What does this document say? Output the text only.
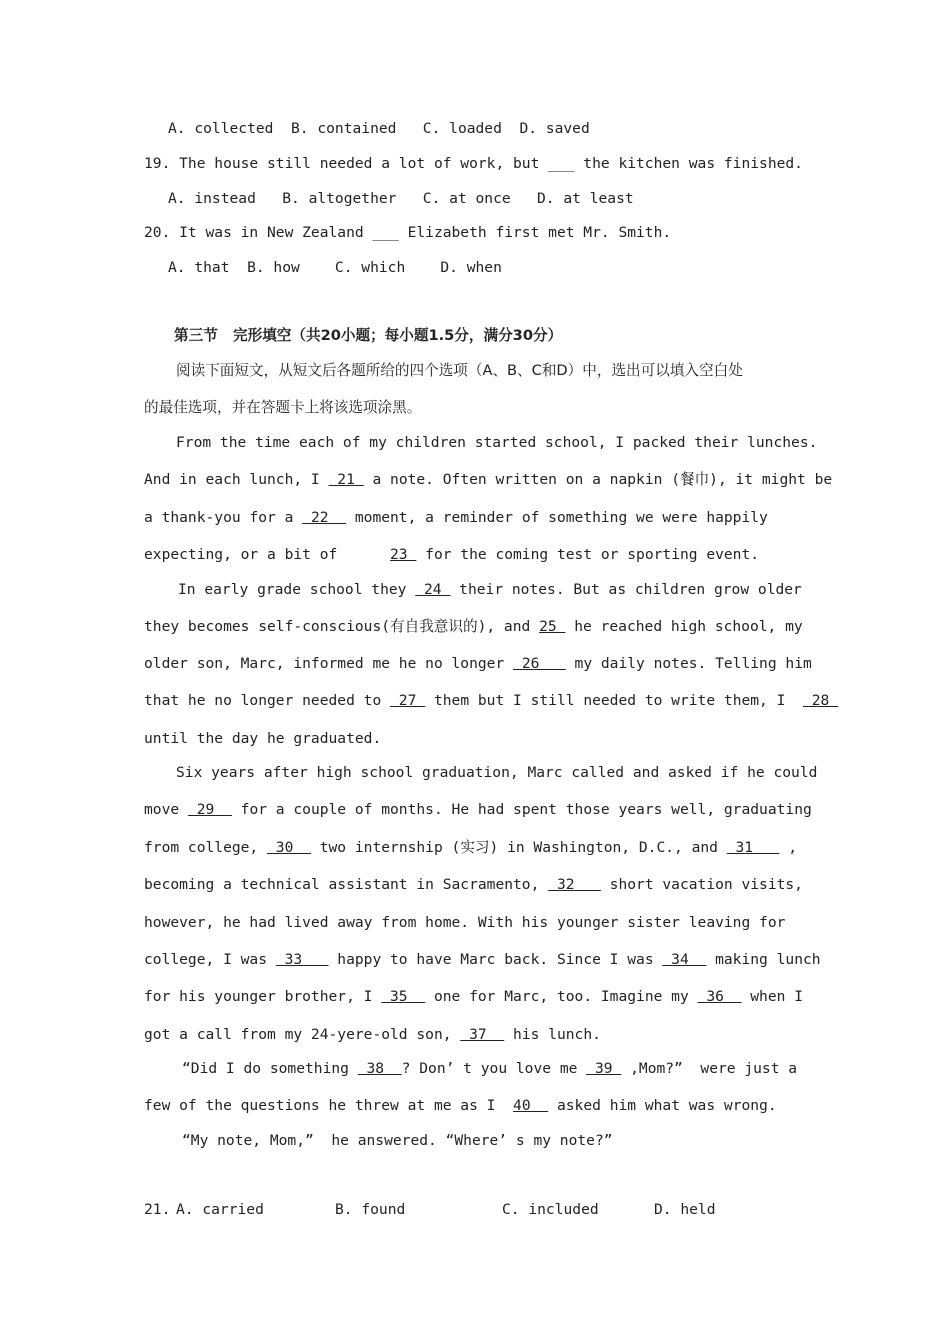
A. collected  B. contained   C. loaded  D. saved
19. The house still needed a lot of work, but ___ the kitchen was finished.
A. instead   B. altogether   C. at once   D. at least
20. It was in New Zealand ___ Elizabeth first met Mr. Smith.
A. that  B. how    C. which    D. when
第三节   完形填空（共20小题；每小题1.5分，满分30分）
阅读下面短文，从短文后各题所给的四个选项（A、B、C和D）中，选出可以填入空白处
的最佳选项，并在答题卡上将该选项涂黑。
From the time each of my children started school, I packed their lunches.
And in each lunch, I  21  a note. Often written on a napkin (餐巾), it might be
a thank-you for a  22   moment, a reminder of something we were happily
expecting, or a bit of      23  for the coming test or sporting event.
In early grade school they  24  their notes. But as children grow older
they becomes self-conscious(有自我意识的), and 25  he reached high school, my
older son, Marc, informed me he no longer  26    my daily notes. Telling him
that he no longer needed to  27  them but I still needed to write them, I   28
until the day he graduated.
Six years after high school graduation, Marc called and asked if he could
move  29   for a couple of months. He had spent those years well, graduating
from college,  30   two internship (实习) in Washington, D.C., and  31    ,
becoming a technical assistant in Sacramento,  32    short vacation visits,
however, he had lived away from home. With his younger sister leaving for
college, I was  33    happy to have Marc back. Since I was  34   making lunch
for his younger brother, I  35   one for Marc, too. Imagine my  36   when I
got a call from my 24-yere-old son,  37   his lunch.
“Did I do something  38  ? Don’ t you love me  39  ,Mom?”  were just a
few of the questions he threw at me as I  40   asked him what was wrong.
“My note, Mom,”  he answered. “Where’ s my note?”
21. A. carried	B. found	C. included	D. held
